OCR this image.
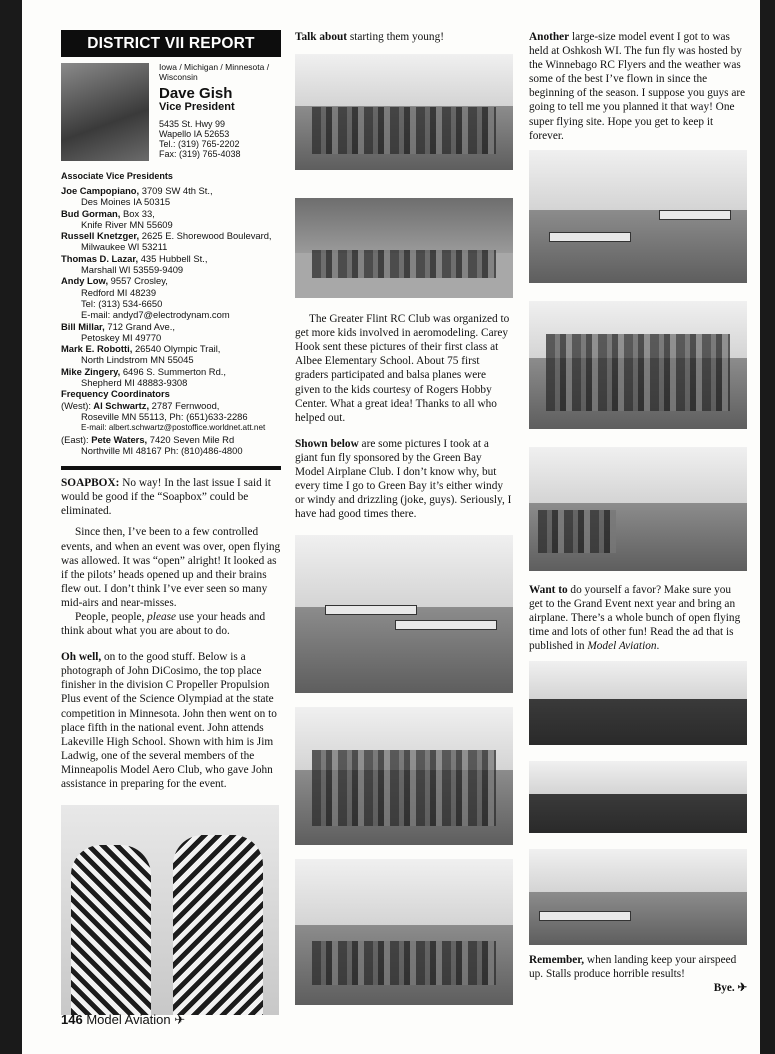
DISTRICT VII REPORT
Iowa / Michigan / Minnesota / Wisconsin
Dave Gish
Vice President
5435 St. Hwy 99
Wapello IA 52653
Tel.: (319) 765-2202
Fax: (319) 765-4038
Associate Vice Presidents
Joe Campopiano, 3709 SW 4th St.,
Des Moines IA 50315
Bud Gorman, Box 33,
Knife River MN 55609
Russell Knetzger, 2625 E. Shorewood Boulevard,
Milwaukee WI 53211
Thomas D. Lazar, 435 Hubbell St.,
Marshall WI 53559-9409
Andy Low, 9557 Crosley,
Redford MI 48239
Tel: (313) 534-6650
E-mail: andyd7@electrodynam.com
Bill Millar, 712 Grand Ave.,
Petoskey MI 49770
Mark E. Robotti, 26540 Olympic Trail,
North Lindstrom MN 55045
Mike Zingery, 6496 S. Summerton Rd.,
Shepherd MI 48883-9308
Frequency Coordinators
(West): Al Schwartz, 2787 Fernwood,
Roseville MN 55113, Ph: (651)633-2286
E-mail: albert.schwartz@postoffice.worldnet.att.net
(East): Pete Waters, 7420 Seven Mile Rd
Northville MI 48167 Ph: (810)486-4800

SOAPBOX: No way! In the last issue I said it would be good if the “Soapbox” could be eliminated.

Since then, I’ve been to a few controlled events, and when an event was over, open flying was allowed. It was “open” alright! It looked as if the pilots’ heads opened up and their brains flew out. I don’t think I’ve ever seen so many mid-airs and near-misses.

People, people, please use your heads and think about what you are about to do.

Oh well, on to the good stuff. Below is a photograph of John DiCosimo, the top place finisher in the division C Propeller Propulsion Plus event of the Science Olympiad at the state competition in Minnesota. John then went on to place fifth in the national event. John attends Lakeville High School. Shown with him is Jim Ladwig, one of the several members of the Minneapolis Model Aero Club, who gave John assistance in preparing for the event.

Talk about starting them young!

The Greater Flint RC Club was organized to get more kids involved in aeromodeling. Carey Hook sent these pictures of their first class at Albee Elementary School. About 75 first graders participated and balsa planes were given to the kids courtesy of Rogers Hobby Center. What a great idea! Thanks to all who helped out.

Shown below are some pictures I took at a giant fun fly sponsored by the Green Bay Model Airplane Club. I don’t know why, but every time I go to Green Bay it’s either windy or windy and drizzling (joke, guys). Seriously, I have had good times there.

Another large-size model event I got to was held at Oshkosh WI. The fun fly was hosted by the Winnebago RC Flyers and the weather was some of the best I’ve flown in since the beginning of the season. I suppose you guys are going to tell me you planned it that way! One super flying site. Hope you get to keep it forever.

Want to do yourself a favor? Make sure you get to the Grand Event next year and bring an airplane. There’s a whole bunch of open flying time and lots of other fun! Read the ad that is published in Model Aviation.

Remember, when landing keep your airspeed up. Stalls produce horrible results!

Bye. ✈
146 Model Aviation ✈
